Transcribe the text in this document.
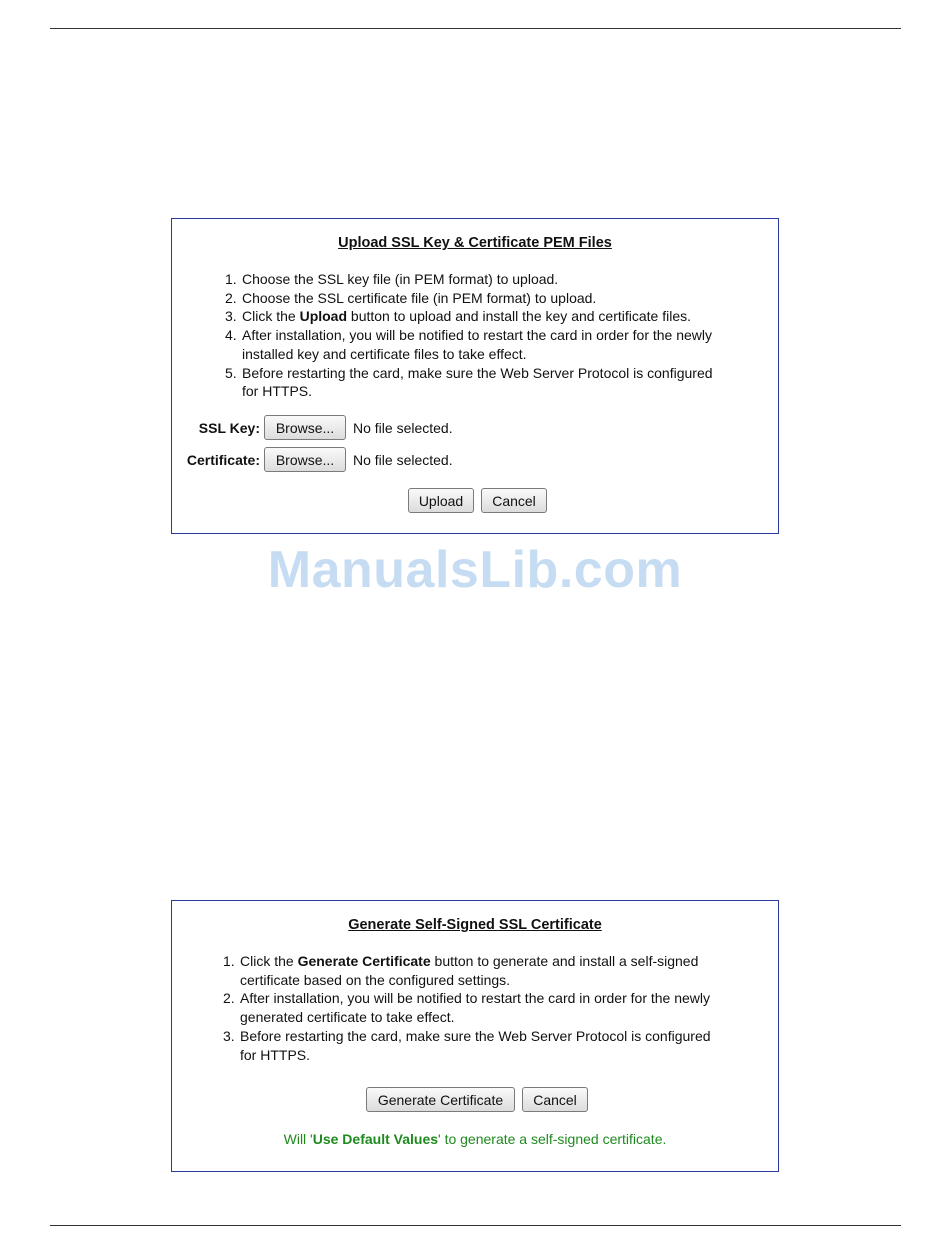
Upload SSL Key & Certificate PEM Files
1. Choose the SSL key file (in PEM format) to upload.
2. Choose the SSL certificate file (in PEM format) to upload.
3. Click the Upload button to upload and install the key and certificate files.
4. After installation, you will be notified to restart the card in order for the newly installed key and certificate files to take effect.
5. Before restarting the card, make sure the Web Server Protocol is configured for HTTPS.
SSL Key:	Browse...	No file selected.
Certificate:	Browse...	No file selected.
Upload	Cancel
ManualsLib.com
Generate Self-Signed SSL Certificate
1. Click the Generate Certificate button to generate and install a self-signed certificate based on the configured settings.
2. After installation, you will be notified to restart the card in order for the newly generated certificate to take effect.
3. Before restarting the card, make sure the Web Server Protocol is configured for HTTPS.
Generate Certificate	Cancel
Will 'Use Default Values' to generate a self-signed certificate.
